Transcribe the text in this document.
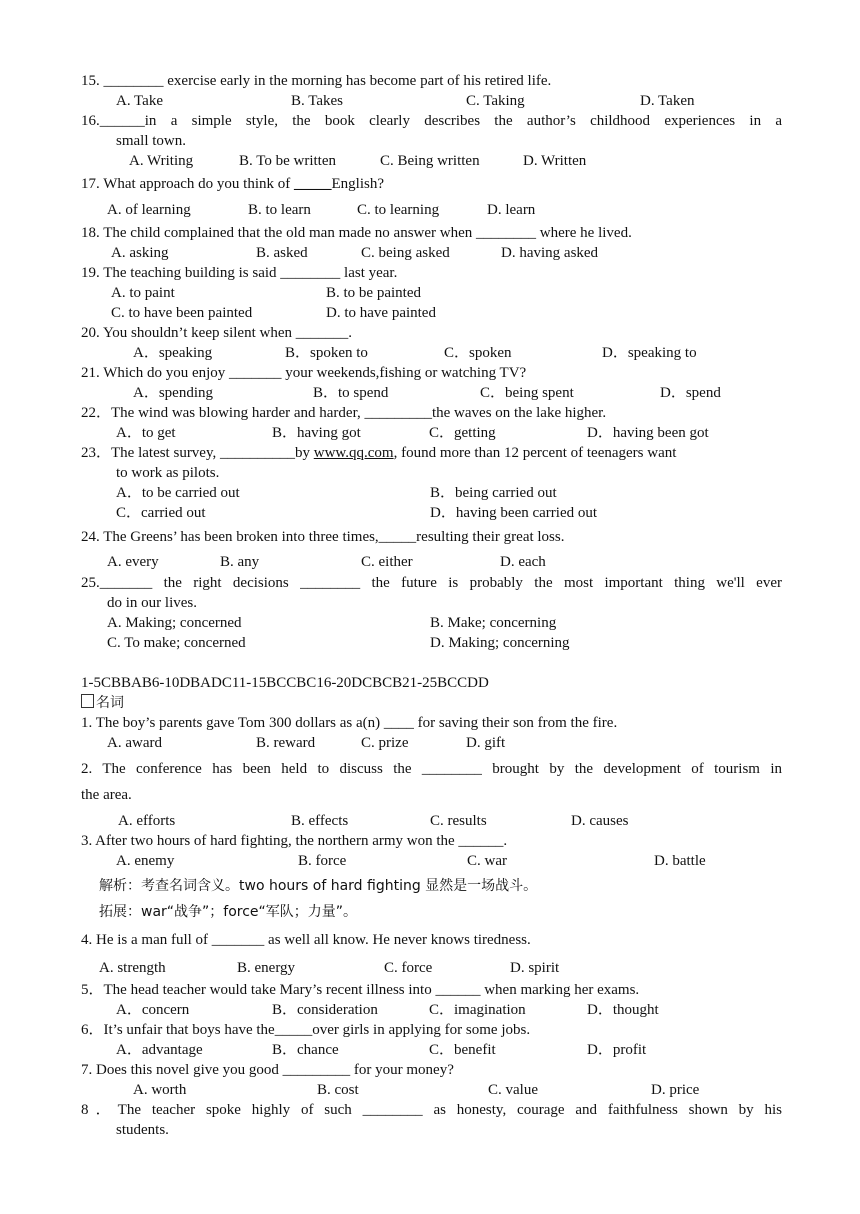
15. ________ exercise early in the morning has become part of his retired life.
A. Take	B. Takes	C. Taking	D. Taken
16.______in a simple style, the book clearly describes the author’s childhood experiences in a
small town.
A. Writing	B. To be written	C. Being written	D. Written
17. What approach do you think of _____English?
A. of learning	B. to learn	C. to learning	D. learn
18. The child complained that the old man made no answer when ________ where he lived.
A. asking	B. asked	C. being asked	D. having asked
19. The teaching building is said ________ last year.
A. to paint	B. to be painted
C. to have been painted	D. to have painted
20. You shouldn’t keep silent when _______.
A．speaking	B．spoken to	C．spoken	D．speaking to
21. Which do you enjoy _______ your weekends,fishing or watching TV?
A．spending	B．to spend	C．being spent	D．spend
22．The wind was blowing harder and harder, _________the waves on the lake higher.
A．to get	B．having got	C．getting	D．having been got
23．The latest survey, __________by www.qq.com, found more than 12 percent of teenagers want
to work as pilots.
A．to be carried out	B．being carried out
C．carried out	D．having been carried out
24. The Greens’ has been broken into three times,_____resulting their great loss.
A. every	B. any	C. either	D. each
25._______ the right decisions ________ the future is probably the most important thing we'll ever
do in our lives.
A. Making; concerned	B. Make; concerning
C. To make; concerned	D. Making; concerning
1-5CBBAB6-10DBADC11-15BCCBC16-20DCBCB21-25BCCDD
名词
1. The boy’s parents gave Tom 300 dollars as a(n) ____ for saving their son from the fire.
A. award	B. reward	C. prize	D. gift
2. The conference has been held to discuss the ________ brought by the development of tourism in
the area.
A. efforts	B. effects	C. results	D. causes
3. After two hours of hard fighting, the northern army won the ______.
A. enemy	B. force	C. war	D. battle
解析：考查名词含义。two hours of hard fighting 显然是一场战斗。
拓展：war“战争”；force“军队；力量”。
4. He is a man full of _______ as well all know. He never knows tiredness.
A. strength	B. energy	C. force	D. spirit
5．The head teacher would take Mary’s recent illness into ______ when marking her exams.
A．concern	B．consideration	C．imagination	D．thought
6．It’s unfair that boys have the_____over girls in applying for some jobs.
A．advantage	B．chance	C．benefit	D．profit
7. Does this novel give you good _________ for your money?
A. worth	B. cost	C. value	D. price
8．The teacher spoke highly of such ________ as honesty, courage and faithfulness shown by his
students.
